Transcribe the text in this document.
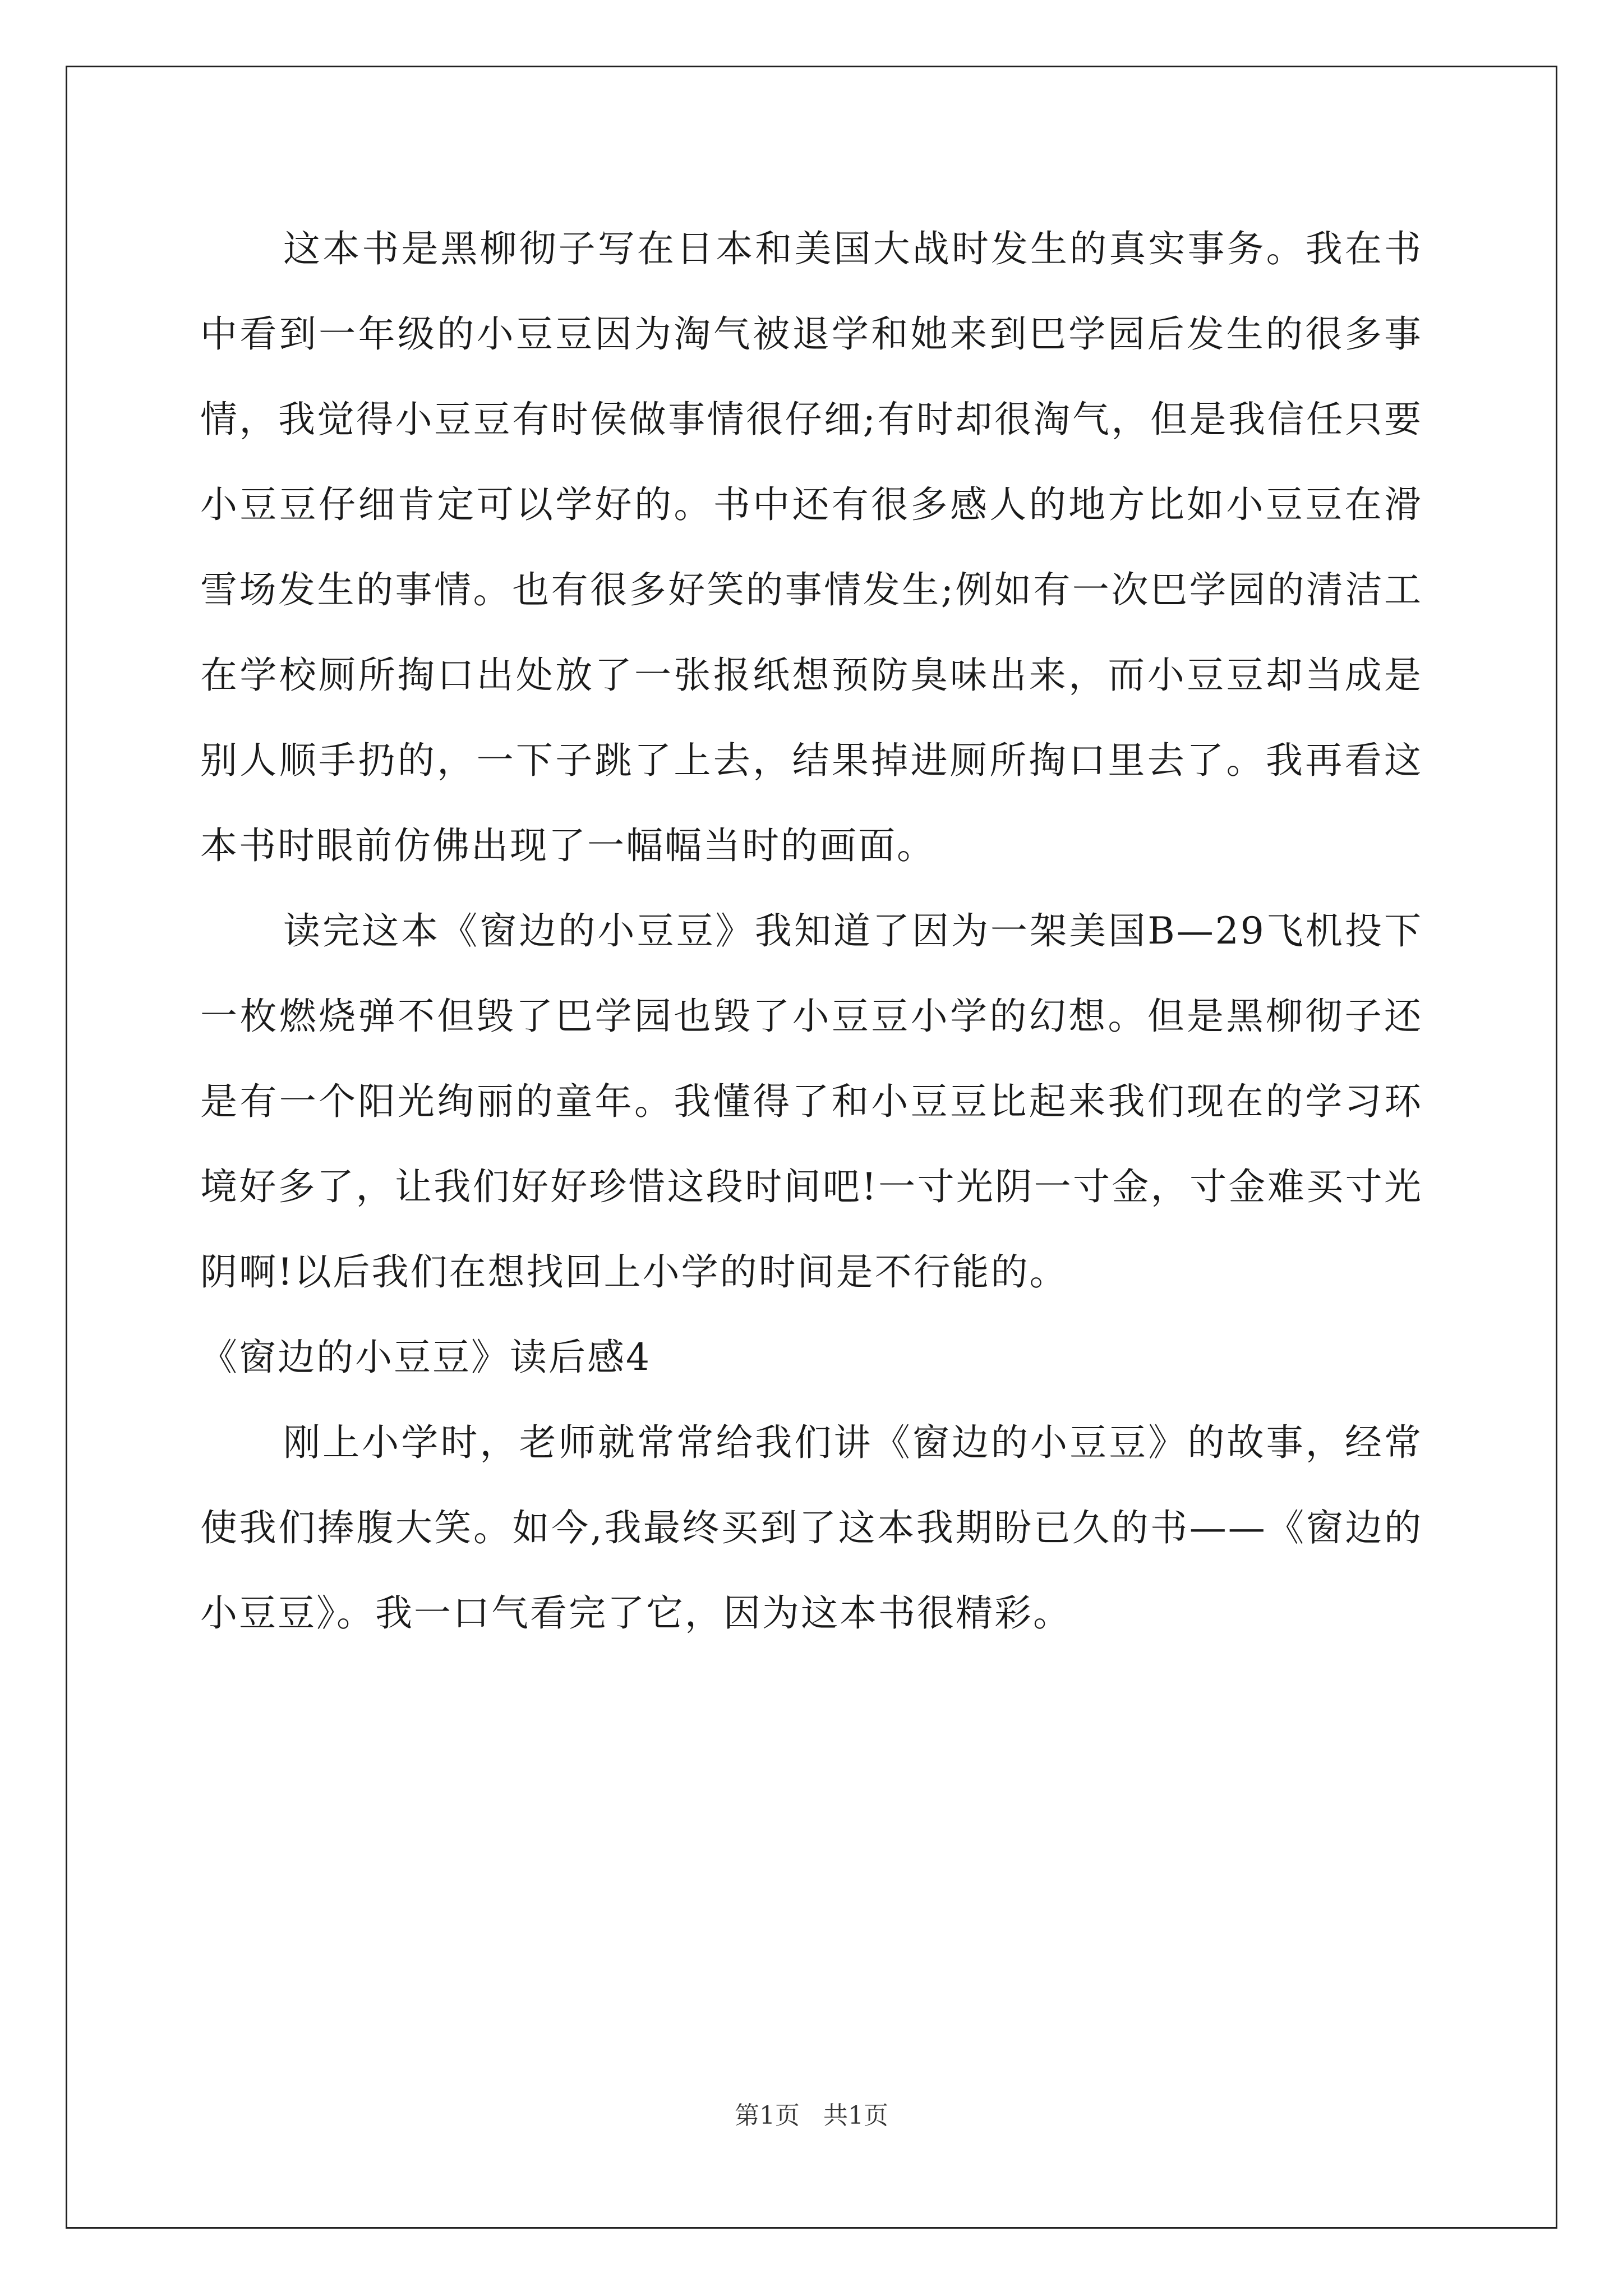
这本书是黑柳彻子写在日本和美国大战时发生的真实事务。我在书中看到一年级的小豆豆因为淘气被退学和她来到巴学园后发生的很多事情，我觉得小豆豆有时侯做事情很仔细;有时却很淘气，但是我信任只要小豆豆仔细肯定可以学好的。书中还有很多感人的地方比如小豆豆在滑雪场发生的事情。也有很多好笑的事情发生;例如有一次巴学园的清洁工在学校厕所掏口出处放了一张报纸想预防臭味出来，而小豆豆却当成是别人顺手扔的，一下子跳了上去，结果掉进厕所掏口里去了。我再看这本书时眼前仿佛出现了一幅幅当时的画面。

读完这本《窗边的小豆豆》我知道了因为一架美国B—29飞机投下一枚燃烧弹不但毁了巴学园也毁了小豆豆小学的幻想。但是黑柳彻子还是有一个阳光绚丽的童年。我懂得了和小豆豆比起来我们现在的学习环境好多了，让我们好好珍惜这段时间吧!一寸光阴一寸金，寸金难买寸光阴啊!以后我们在想找回上小学的时间是不行能的。

《窗边的小豆豆》读后感4

刚上小学时，老师就常常给我们讲《窗边的小豆豆》的故事，经常使我们捧腹大笑。如今,我最终买到了这本我期盼已久的书——《窗边的小豆豆》。我一口气看完了它，因为这本书很精彩。

第1页 共1页
